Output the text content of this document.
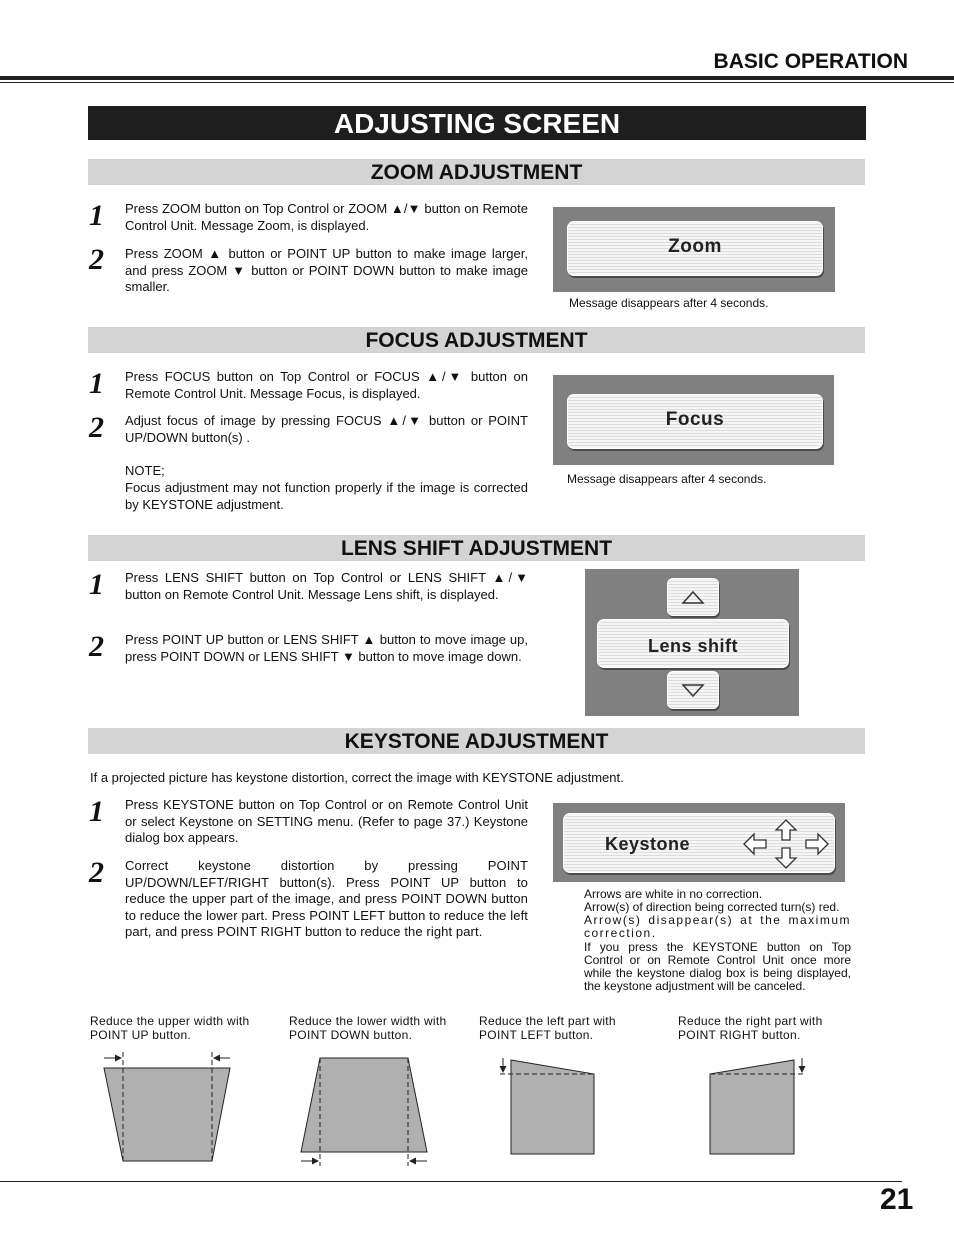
BASIC OPERATION
ADJUSTING SCREEN
ZOOM ADJUSTMENT
1 Press ZOOM button on Top Control or ZOOM ▲/▼ button on Remote Control Unit. Message Zoom, is displayed.
2 Press ZOOM ▲ button or POINT UP button to make image larger, and press ZOOM ▼ button or POINT DOWN button to make image smaller.
Zoom
Message disappears after 4 seconds.
FOCUS ADJUSTMENT
1 Press FOCUS button on Top Control or FOCUS ▲/▼ button on Remote Control Unit. Message Focus, is displayed.
2 Adjust focus of image by pressing FOCUS ▲/▼ button or POINT UP/DOWN button(s) .
NOTE;
Focus adjustment may not function properly if the image is corrected by KEYSTONE adjustment.
Focus
Message disappears after 4 seconds.
LENS SHIFT ADJUSTMENT
1 Press LENS SHIFT button on Top Control or LENS SHIFT ▲/▼ button on Remote Control Unit. Message Lens shift, is displayed.
2 Press POINT UP button or LENS SHIFT ▲ button to move image up, press POINT DOWN or LENS SHIFT ▼ button to move image down.	Lens shift
KEYSTONE ADJUSTMENT
If a projected picture has keystone distortion, correct the image with KEYSTONE adjustment.
1 Press KEYSTONE button on Top Control or on Remote Control Unit or select Keystone on SETTING menu. (Refer to page 37.) Keystone dialog box appears.
2 Correct keystone distortion by pressing POINT UP/DOWN/LEFT/RIGHT button(s). Press POINT UP button to reduce the upper part of the image, and press POINT DOWN button to reduce the lower part. Press POINT LEFT button to reduce the left part, and press POINT RIGHT button to reduce the right part.
Keystone
Arrows are white in no correction.
Arrow(s) of direction being corrected turn(s) red.
Arrow(s) disappear(s) at the maximum correction.
If you press the KEYSTONE button on Top Control or on Remote Control Unit once more while the keystone dialog box is being displayed, the keystone adjustment will be canceled.
Reduce the upper width with POINT UP button.
Reduce the lower width with POINT DOWN button.
Reduce the left part with POINT LEFT button.
Reduce the right part with POINT RIGHT button.
21
